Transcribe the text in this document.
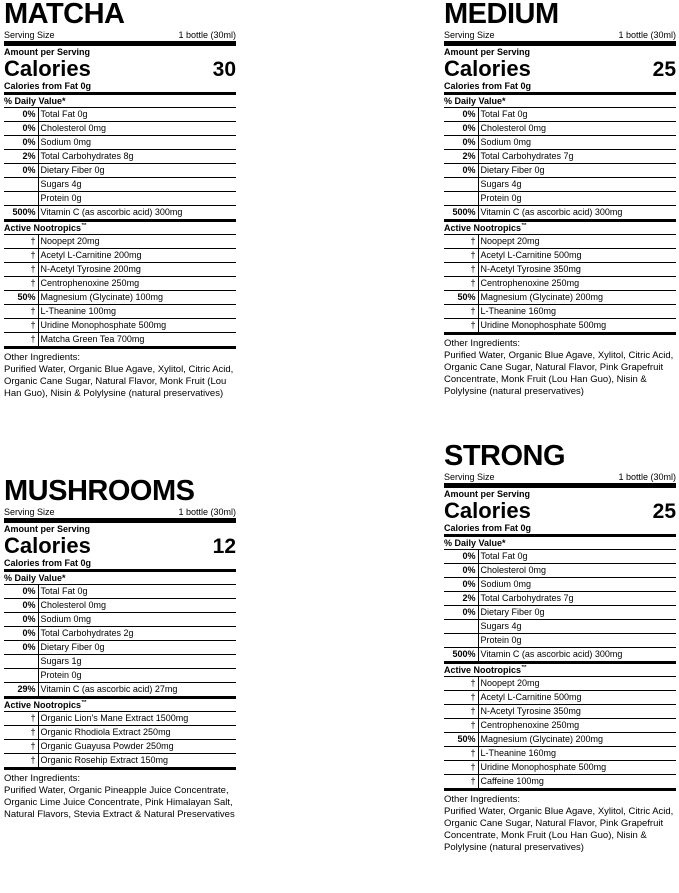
MATCHA
Serving Size	1 bottle (30ml)
Amount per Serving
Calories	30
Calories from Fat 0g
% Daily Value*
0%	Total Fat 0g
0%	Cholesterol 0mg
0%	Sodium 0mg
2%	Total Carbohydrates 8g
0%	Dietary Fiber 0g
	Sugars 4g
	Protein 0g
500%	Vitamin C (as ascorbic acid) 300mg
Active Nootropics™
†	Noopept 20mg
†	Acetyl L-Carnitine 200mg
†	N-Acetyl Tyrosine 200mg
†	Centrophenoxine 250mg
50%	Magnesium (Glycinate) 100mg
†	L-Theanine 100mg
†	Uridine Monophosphate 500mg
†	Matcha Green Tea 700mg
Other Ingredients:
Purified Water, Organic Blue Agave, Xylitol, Citric Acid, Organic Cane Sugar, Natural Flavor, Monk Fruit (Lou Han Guo), Nisin & Polylysine (natural preservatives)
MEDIUM
Serving Size	1 bottle (30ml)
Amount per Serving
Calories	25
Calories from Fat 0g
% Daily Value*
0%	Total Fat 0g
0%	Cholesterol 0mg
0%	Sodium 0mg
2%	Total Carbohydrates 7g
0%	Dietary Fiber 0g
	Sugars 4g
	Protein 0g
500%	Vitamin C (as ascorbic acid) 300mg
Active Nootropics™
†	Noopept 20mg
†	Acetyl L-Carnitine 500mg
†	N-Acetyl Tyrosine 350mg
†	Centrophenoxine 250mg
50%	Magnesium (Glycinate) 200mg
†	L-Theanine 160mg
†	Uridine Monophosphate 500mg
Other Ingredients:
Purified Water, Organic Blue Agave, Xylitol, Citric Acid, Organic Cane Sugar, Natural Flavor, Pink Grapefruit Concentrate, Monk Fruit (Lou Han Guo), Nisin & Polylysine (natural preservatives)
MUSHROOMS
Serving Size	1 bottle (30ml)
Amount per Serving
Calories	12
Calories from Fat 0g
% Daily Value*
0%	Total Fat 0g
0%	Cholesterol 0mg
0%	Sodium 0mg
0%	Total Carbohydrates 2g
0%	Dietary Fiber 0g
	Sugars 1g
	Protein 0g
29%	Vitamin C (as ascorbic acid) 27mg
Active Nootropics™
†	Organic Lion's Mane Extract 1500mg
†	Organic Rhodiola Extract 250mg
†	Organic Guayusa Powder 250mg
†	Organic Rosehip Extract 150mg
Other Ingredients:
Purified Water, Organic Pineapple Juice Concentrate, Organic Lime Juice Concentrate, Pink Himalayan Salt, Natural Flavors, Stevia Extract & Natural Preservatives
STRONG
Serving Size	1 bottle (30ml)
Amount per Serving
Calories	25
Calories from Fat 0g
% Daily Value*
0%	Total Fat 0g
0%	Cholesterol 0mg
0%	Sodium 0mg
2%	Total Carbohydrates 7g
0%	Dietary Fiber 0g
	Sugars 4g
	Protein 0g
500%	Vitamin C (as ascorbic acid) 300mg
Active Nootropics™
†	Noopept 20mg
†	Acetyl L-Carnitine 500mg
†	N-Acetyl Tyrosine 350mg
†	Centrophenoxine 250mg
50%	Magnesium (Glycinate) 200mg
†	L-Theanine 160mg
†	Uridine Monophosphate 500mg
†	Caffeine 100mg
Other Ingredients:
Purified Water, Organic Blue Agave, Xylitol, Citric Acid, Organic Cane Sugar, Natural Flavor, Pink Grapefruit Concentrate, Monk Fruit (Lou Han Guo), Nisin & Polylysine (natural preservatives)
